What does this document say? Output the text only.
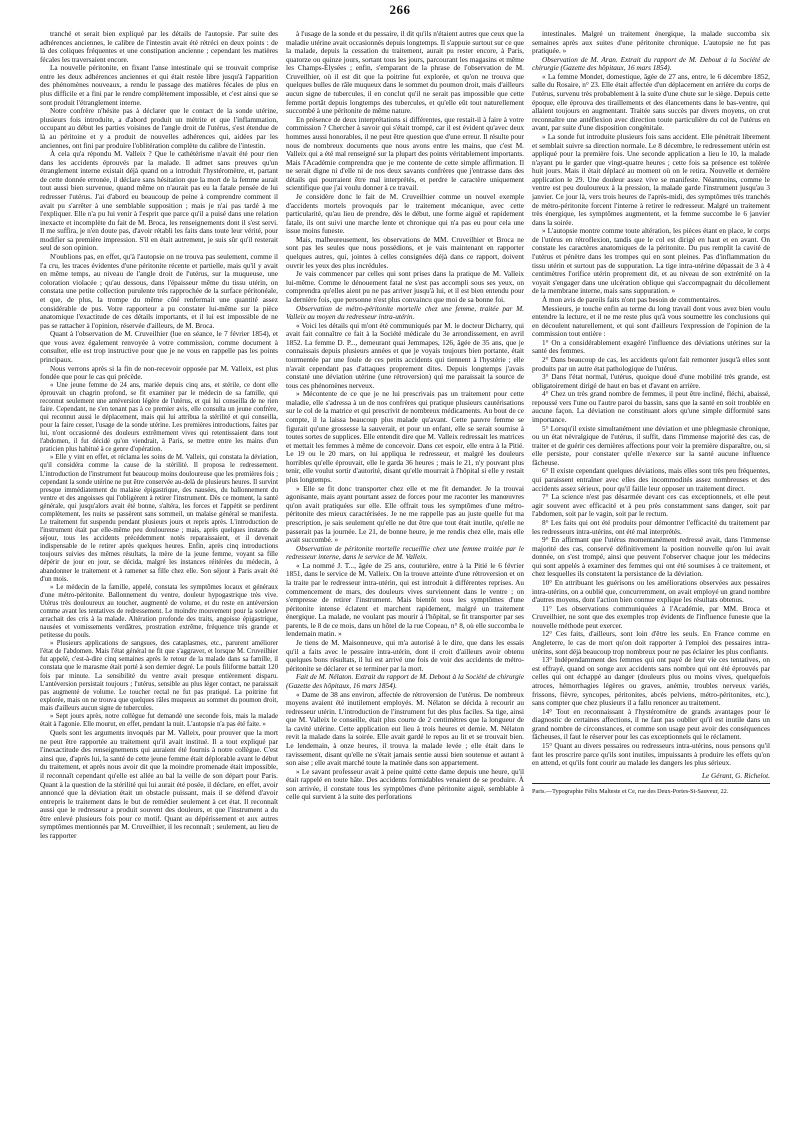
266

tranché et serait bien expliqué par les détails de l'autopsie. Par suite des adhérences anciennes, le calibre de l'intestin avait été rétréci en deux points : de là des coliques fréquentes et une constipation ancienne ; cependant les matières fécales les traversaient encore.

La nouvelle péritonite, en fixant l'anse intestinale qui se trouvait comprise entre les deux adhérences anciennes et qui était restée libre jusqu'à l'apparition des phénomènes nouveaux, a rendu le passage des matières fécales de plus en plus difficile et a fini par le rendre complètement impossible, et c'est ainsi que se sont produit l'étranglement interne.

Notre confrère n'hésite pas à déclarer que le contact de la sonde utérine, plusieurs fois introduite, a d'abord produit un métrite et que l'inflammation, occupant au début les parties voisines de l'angle droit de l'utérus, s'est étendue de là au péritoine et y a produit de nouvelles adhérences qui, aidées par les anciennes, ont fini par produire l'oblitération complète du calibre de l'intestin.

À cela qu'a répondu M. Valleix ? Que le cathétérisme n'avait été pour rien dans les accidents éprouvés par la malade. Il admet sans preuves qu'un étranglement interne existait déjà quand on a introduit l'hystéromètre, et, partant de cette donnée erronée, il déclare sans hésitation que la mort de la femme aurait tout aussi bien survenue, quand même on n'aurait pas eu la fatale pensée de lui redresser l'utérus. J'ai d'abord eu beaucoup de peine à comprendre comment il avait pu s'arrêter à une semblable supposition ; mais je n'ai pas tardé à me l'expliquer. Elle n'a pu lui venir à l'esprit que parce qu'il a puisé dans une relation inexacte et incomplète du fait de M. Broca, les renseignements dont il s'est servi. Il me suffira, je n'en doute pas, d'avoir rétabli les faits dans toute leur vérité, pour modifier sa première impression. S'il en était autrement, je suis sûr qu'il resterait seul de son opinion.

N'oublions pas, en effet, qu'à l'autopsie on ne trouva pas seulement, comme il l'a cru, les traces évidentes d'une péritonite récente et partielle, mais qu'il y avait en même temps, au niveau de l'angle droit de l'utérus, sur la muqueuse, une coloration violacée ; qu'au dessous, dans l'épaisseur même du tissu utérin, on constata une petite collection purulente très rapprochée de la surface péritonéale, et que, de plus, la trompe du même côté renfermait une quantité assez considérable de pus. Votre rapporteur a pu constater lui-même sur la pièce anatomique l'exactitude de ces détails importants, et il lui est impossible de ne pas se rattacher à l'opinion, réservée d'ailleurs, de M. Broca.

Quant à l'observation de M. Cruveilhier (lue en séance, le 7 février 1854), et que vous avez également renvoyée à votre commission, comme document à consulter, elle est trop instructive pour que je ne vous en rappelle pas les points principaux.

Nous verrons après si la fin de non-recevoir opposée par M. Valleix, est plus fondée que pour le cas qui précède.

« Une jeune femme de 24 ans, mariée depuis cinq ans, et stérile, ce dont elle éprouvait un chagrin profond, se fit examiner par le médecin de sa famille, qui reconnut seulement une antéversion légère de l'utérus, et qui lui conseilla de ne rien faire. Cependant, ne s'en tenant pas à ce premier avis, elle consulta un jeune confrère, qui reconnut aussi le déplacement, mais qui lui attribua la stérilité et qui conseilla, pour la faire cesser, l'usage de la sonde utérine. Les premières introductions, faites par lui, n'ont occasionné des douleurs extrêmement vives qui retentissaient dans tout l'abdomen, il fut décidé qu'on viendrait, à Paris, se mettre entre les mains d'un praticien plus habitué à ce genre d'opération.

» Elle y vint en effet, et réclama les soins de M. Valleix, qui constata la déviation, qu'il considéra comme la cause de la stérilité. Il proposa le redressement. L'introduction de l'instrument fut beaucoup moins douloureuse que les premières fois ; cependant la sonde utérine ne put être conservée au-delà de plusieurs heures. Il survint presque immédiatement du malaise épigastrique, des nausées, du ballonnement du ventre et des angoisses qui l'obligèrent à retirer l'instrument. Dès ce moment, la santé générale, qui jusqu'alors avait été bonne, s'altéra, les forces et l'appétit se perdirent complètement, les nuits se passèrent sans sommeil, un malaise général se manifesta. Le traitement fut suspendu pendant plusieurs jours et repris après. L'introduction de l'instrument était par elle-même peu douloureuse ; mais, après quelques instants de séjour, tous les accidents précédemment notés reparaissaient, et il devenait indispensable de le retirer après quelques heures. Enfin, après cinq introductions toujours suivies des mêmes résultats, la mère de la jeune femme, voyant sa fille dépérir de jour en jour, se décida, malgré les instances réitérées du médecin, à abandonner le traitement et à ramener sa fille chez elle. Son séjour à Paris avait été d'un mois.

» Le médecin de la famille, appelé, constata les symptômes locaux et généraux d'une métro-péritonite. Ballonnement du ventre, douleur hypogastrique très vive. Utérus très douloureux au toucher, augmenté de volume, et du reste en antéversion comme avant les tentatives de redressement. Le moindre mouvement pour la soulever arrachait des cris à la malade. Altération profonde des traits, angoisse épigastrique, nausées et vomissements verdâtres, prostration extrême, fréquence très grande et petitesse du pouls.

» Plusieurs applications de sangsues, des cataplasmes, etc., parurent améliorer l'état de l'abdomen. Mais l'état général ne fit que s'aggraver, et lorsque M. Cruveilhier fut appelé, c'est-à-dire cinq semaines après le retour de la malade dans sa famille, il constata que le marasme était porté à son dernier degré. Le pouls filiforme battait 120 fois par minute. La sensibilité du ventre avait presque entièrement disparu. L'antéversion persistait toujours ; l'utérus, sensible au plus léger contact, ne paraissait pas augmenté de volume. Le toucher rectal ne fut pas pratiqué. La poitrine fut explorée, mais on ne trouva que quelques râles muqueux au sommet du poumon droit, mais d'ailleurs aucun signe de tubercules.

» Sept jours après, notre collègue fut demandé une seconde fois, mais la malade était à l'agonie. Elle mourut, en effet, pendant la nuit. L'autopsie n'a pas été faite. »

Quels sont les arguments invoqués par M. Valleix, pour prouver que la mort ne peut être rapportée au traitement qu'il avait institué. Il a tout expliqué par l'inexactitude des renseignements qui auraient été fournis à notre collègue. C'est ainsi que, d'après lui, la santé de cette jeune femme était déplorable avant le début du traitement, et après nous avoir dit que la moindre promenade était impossible, il reconnaît cependant qu'elle est allée au bal la veille de son départ pour Paris. Quant à la question de la stérilité qui lui aurait été posée, il déclare, en effet, avoir annoncé que la déviation était un obstacle puissant, mais il se défend d'avoir entrepris le traitement dans le but de remédier seulement à cet état. Il reconnaît aussi que le redresseur a produit souvent des douleurs, et que l'instrument a du être enlevé plusieurs fois pour ce motif. Quant au dépérissement et aux autres symptômes mentionnés par M. Cruveilhier, il les reconnaît ; seulement, au lieu de les rapporter

à l'usage de la sonde et du pessaire, il dit qu'ils n'étaient autres que ceux que la maladie utérine avait occasionnés depuis longtemps. Il s'appuie surtout sur ce que la malade, depuis la cessation du traitement, aurait pu rester encore, à Paris, quatorze ou quinze jours, sortant tous les jours, parcourant les magasins et même les Champs-Élysées ; enfin, s'emparant de la phrase de l'observation de M. Cruveilhier, où il est dit que la poitrine fut explorée, et qu'on ne trouva que quelques bulles de râle muqueux dans le sommet du poumon droit, mais d'ailleurs aucun signe de tubercules, il en conclut qu'il ne serait pas impossible que cette femme portât depuis longtemps des tubercules, et qu'elle eût tout naturellement succombé à une péritonite de même nature.

En présence de deux interprétations si différentes, que restait-il à faire à votre commission ? Chercher à savoir qui s'était trompé, car il est évident qu'avec deux hommes aussi honorables, il ne peut être question que d'une erreur. Il résulte pour nous de nombreux documents que nous avons entre les mains, que c'est M. Valleix qui a été mal renseigné sur la plupart des points véritablement importants. Mais l'Académie comprendra que je me contente de cette simple affirmation. Il ne serait digne ni d'elle ni de nos deux savants confrères que j'entrasse dans des détails qui pourraient être mal interprétés, et perdre le caractère uniquement scientifique que j'ai voulu donner à ce travail.

Je considère donc le fait de M. Cruveilhier comme un nouvel exemple d'accidents mortels provoqués par le traitement mécanique, avec cette particularité, qu'au lieu de prendre, dès le début, une forme aiguë et rapidement fatale, ils ont suivi une marche lente et chronique qui n'a pas eu pour cela une issue moins funeste.

Mais, malheureusement, les observations de MM. Cruveilhier et Broca ne sont pas les seules que nous possédions, et je vais maintenant en rapporter quelques autres, qui, jointes à celles consignées déjà dans ce rapport, doivent ouvrir les yeux des plus incrédules.

Je vais commencer par celles qui sont prises dans la pratique de M. Valleix lui-même. Comme le dénouement fatal ne s'est pas accompli sous ses yeux, on comprendra qu'elles aient pu ne pas arriver jusqu'à lui, et il est bien entendu pour la dernière fois, que personne n'est plus convaincu que moi de sa bonne foi.

Observation de métro-péritonite mortelle chez une femme, traitée par M. Valleix au moyen du redresseur intra-utérin.

« Voici les détails qui m'ont été communiqués par M. le docteur Dicharry, qui avait fait connaître ce fait à la Société médicale du 3e arrondissement, en avril 1852. La femme D. P..., demeurant quai Jemmapes, 126, âgée de 35 ans, que je connaissais depuis plusieurs années et que je voyais toujours bien portante, était tourmentée par une foule de ces petits accidents qui tiennent à l'hystérie ; elle n'avait cependant pas d'attaques proprement dites. Depuis longtemps j'avais constaté une déviation utérine (une rétroversion) qui me paraissait la source de tous ces phénomènes nerveux.

» Mécontente de ce que je ne lui prescrivais pas un traitement pour cette maladie, elle s'adressa à un de nos confrères qui pratique plusieurs cautérisations sur le col de la matrice et qui prescrivit de nombreux médicaments. Au bout de ce compte, il la laissa beaucoup plus malade qu'avant. Cette pauvre femme se figurait qu'une grossesse la sauverait, et pour un enfant, elle se serait soumise à toutes sortes de supplices. Elle entendit dire que M. Valleix redressait les matrices et mettait les femmes à même de concevoir. Dans cet espoir, elle entra à la Pitié. Le 19 ou le 20 mars, on lui appliqua le redresseur, et malgré les douleurs horribles qu'elle éprouvait, elle le garda 36 heures ; mais le 21, n'y pouvant plus tenir, elle voulut sortir d'autorité, disant qu'elle mourrait à l'hôpital si elle y restait plus longtemps.

» Elle se fit donc transporter chez elle et me fit demander. Je la trouvai agonisante, mais ayant pourtant assez de forces pour me raconter les manœuvres qu'on avait pratiquées sur elle. Elle offrait tous les symptômes d'une métro-péritonite des mieux caractérisées. Je ne me rappelle pas au juste quelle fut ma prescription, je sais seulement qu'elle ne dut être que tout était inutile, qu'elle ne passerait pas la journée. Le 21, de bonne heure, je me rendis chez elle, mais elle avait succombé. »

Observation de péritonite mortelle recueillie chez une femme traitée par le redresseur interne, dans le service de M. Valleix.

« La nommé J. T..., âgée de 25 ans, couturière, entre à la Pitié le 6 février 1851, dans le service de M. Valleix. On la trouve atteinte d'une rétroversion et on la traite par le redresseur intra-utérin, qui est introduit à différentes reprises. Au commencement de mars, des douleurs vives surviennent dans le ventre ; on s'empresse de retirer l'instrument. Mais bientôt tous les symptômes d'une péritonite intense éclatent et marchent rapidement, malgré un traitement énergique. La malade, ne voulant pas mourir à l'hôpital, se fit transporter par ses parents, le 8 de ce mois, dans un hôtel de la rue Copeau, n° 8, où elle succomba le lendemain matin. »

Je tiens de M. Maisonneuve, qui m'a autorisé à le dire, que dans les essais qu'il a faits avec le pessaire intra-utérin, dont il croit d'ailleurs avoir obtenu quelques bons résultats, il lui est arrivé une fois de voir des accidents de métro-péritonite se déclarer et se terminer par la mort.

Fait de M. Nélaton. Extrait du rapport de M. Debout à la Société de chirurgie (Gazette des hôpitaux, 16 mars 1854).

« Dame de 38 ans environ, affectée de rétroversion de l'utérus. De nombreux moyens avaient été inutilement employés. M. Nélaton se décida à recourir au redresseur utérin. L'introduction de l'instrument fut des plus faciles. Sa tige, ainsi que M. Valleix le conseille, était plus courte de 2 centimètres que la longueur de la cavité utérine. Cette application eut lieu à trois heures et demie. M. Nélaton revit la malade dans la soirée. Elle avait gardé le repos au lit et se trouvait bien. Le lendemain, à onze heures, il trouva la malade levée ; elle était dans le ravissement, disant qu'elle ne s'était jamais sentie aussi bien soutenue et autant à son aise ; elle avait marché toute la matinée dans son appartement.

» Le savant professeur avait à peine quitté cette dame depuis une heure, qu'il était rappelé en toute hâte. Des accidents formidables venaient de se produire. À son arrivée, il constate tous les symptômes d'une péritonite aiguë, semblable à celle qui survient à la suite des perforations

intestinales. Malgré un traitement énergique, la malade succomba six semaines après aux suites d'une péritonite chronique. L'autopsie ne fut pas pratiquée. »

Observation de M. Aran. Extrait du rapport de M. Debout à la Société de chirurgie (Gazette des hôpitaux, 16 mars 1854).

« La femme Mondet, domestique, âgée de 27 ans, entre, le 6 décembre 1852, salle du Rosaire, n° 23. Elle était affectée d'un déplacement en arrière du corps de l'utérus, survenu très probablement à la suite d'une chute sur le siège. Depuis cette époque, elle éprouva des tiraillements et des élancements dans le bas-ventre, qui allaient toujours en augmentant. Traitée sans succès par divers moyens, on crut reconnaître une antéflexion avec direction toute particulière du col de l'utérus en avant, par suite d'une disposition congénitale.

» La sonde fut introduite plusieurs fois sans accident. Elle pénétrait librement et semblait suivre sa direction normale. Le 8 décembre, le redressement utérin est appliqué pour la première fois. Une seconde application a lieu le 10, la malade n'ayant pu le garder que vingt-quatre heures ; cette fois sa présence est tolérée huit jours. Mais il était déplacé au moment où on le retira. Nouvelle et dernière application le 29. Une douleur assez vive se manifeste. Néanmoins, comme le ventre est peu douloureux à la pression, la malade garde l'instrument jusqu'au 3 janvier. Ce jour là, vers trois heures de l'après-midi, des symptômes très tranchés de métro-péritonite forcent l'interne à retirer le redresseur. Malgré un traitement très énergique, les symptômes augmentent, et la femme succombe le 6 janvier dans la soirée.

» L'autopsie montre comme toute altération, les pièces étant en place, le corps de l'utérus en rétroflexion, tandis que le col est dirigé en haut et en avant. On constate les caractères anatomiques de la péritonite. Du pus remplit la cavité de l'utérus et pénètre dans les trompes qui en sont pleines. Pas d'inflammation du tissu utérin et surtout pas de suppuration. La tige intra-utérine dépassait de 3 à 4 centimètres l'orifice utérin proprement dit, et au niveau de son extrémité on la voyait s'engager dans une ulcération oblique qui s'accompagnait du décollement de la membrane interne, mais sans suppuration. »

À mon avis de pareils faits n'ont pas besoin de commentaires.

Messieurs, je touche enfin au terme du long travail dont vous avez bien voulu entendre la lecture, et il ne me reste plus qu'à vous soumettre les conclusions qui en découlent naturellement, et qui sont d'ailleurs l'expression de l'opinion de la commission tout entière :

1° On a considérablement exagéré l'influence des déviations utérines sur la santé des femmes.

2° Dans beaucoup de cas, les accidents qu'ont fait remonter jusqu'à elles sont produits par un autre état pathologique de l'utérus.

3° Dans l'état normal, l'utérus, quoique doué d'une mobilité très grande, est obligatoirement dirigé de haut en bas et d'avant en arrière.

4° Chez un très grand nombre de femmes, il peut être incliné, fléchi, abaissé, repoussé vers l'une ou l'autre paroi du bassin, sans que la santé en soit troublée en aucune façon. La déviation ne constituant alors qu'une simple difformité sans importance.

5° Lorsqu'il existe simultanément une déviation et une phlegmasie chronique, ou un état névralgique de l'utérus, il suffit, dans l'immense majorité des cas, de traiter et de guérir ces dernières affections pour voir la première disparaître, ou, si elle persiste, pour constater qu'elle n'exerce sur la santé aucune influence fâcheuse.

6° Il existe cependant quelques déviations, mais elles sont très peu fréquentes, qui paraissent entraîner avec elles des incommodités assez nombreuses et des accidents assez sérieux, pour qu'il faille leur opposer un traitement direct.

7° La science n'est pas désarmée devant ces cas exceptionnels, et elle peut agir souvent avec efficacité et à peu près constamment sans danger, soit par l'abdomen, soit par le vagin, soit par le rectum.

8° Les faits qui ont été produits pour démontrer l'efficacité du traitement par les redresseurs intra-utérins, ont été mal interprétés.

9° En affirmant que l'utérus momentanément redressé avait, dans l'immense majorité des cas, conservé définitivement la position nouvelle qu'on lui avait donnée, on s'est trompé, ainsi que peuvent l'observer chaque jour les médecins qui sont appelés à examiner des femmes qui ont été soumises à ce traitement, et chez lesquelles ils constatent la persistance de la déviation.

10° En attribuant les guérisons ou les améliorations observées aux pessaires intra-utérins, on a oublié que, concurremment, on avait employé un grand nombre d'autres moyens, dont l'action bien connue explique les résultats obtenus.

11° Les observations communiquées à l'Académie, par MM. Broca et Cruveilhier, ne sont que des exemples trop évidents de l'influence funeste que la nouvelle méthode peut exercer.

12° Ces faits, d'ailleurs, sont loin d'être les seuls. En France comme en Angleterre, le cas de mort qu'on doit rapporter à l'emploi des pessaires intra-utérins, sont déjà beaucoup trop nombreux pour ne pas éclairer les plus confiants.

13° Indépendamment des femmes qui ont payé de leur vie ces tentatives, on est effrayé, quand on songe aux accidents sans nombre qui ont été éprouvés par celles qui ont échappé au danger (douleurs plus ou moins vives, quelquefois atroces, hémorrhagies légères ou graves, anémie, troubles nerveux variés, frissons, fièvre, syncopes, péritonites, abcès pelviens, métro-péritonites, etc.), sans compter que chez plusieurs il a fallu renoncer au traitement.

14° Tout en reconnaissant à l'hystéromètre de grands avantages pour le diagnostic de certaines affections, il ne faut pas oublier qu'il est inutile dans un grand nombre de circonstances, et comme son usage peut avoir des conséquences fâcheuses, il faut le réserver pour les cas exceptionnels qui le réclament.

15° Quant au divers pessaires ou redresseurs intra-utérins, nous pensons qu'il faut les proscrire parce qu'ils sont inutiles, impuissants à produire les effets qu'on en attend, et qu'ils font courir au malade les dangers les plus sérieux.

Le Gérant, G. Richelot.

Paris.—Typographie Félix Malteste et Ce, rue des Deux-Portes-St-Sauveur, 22.
